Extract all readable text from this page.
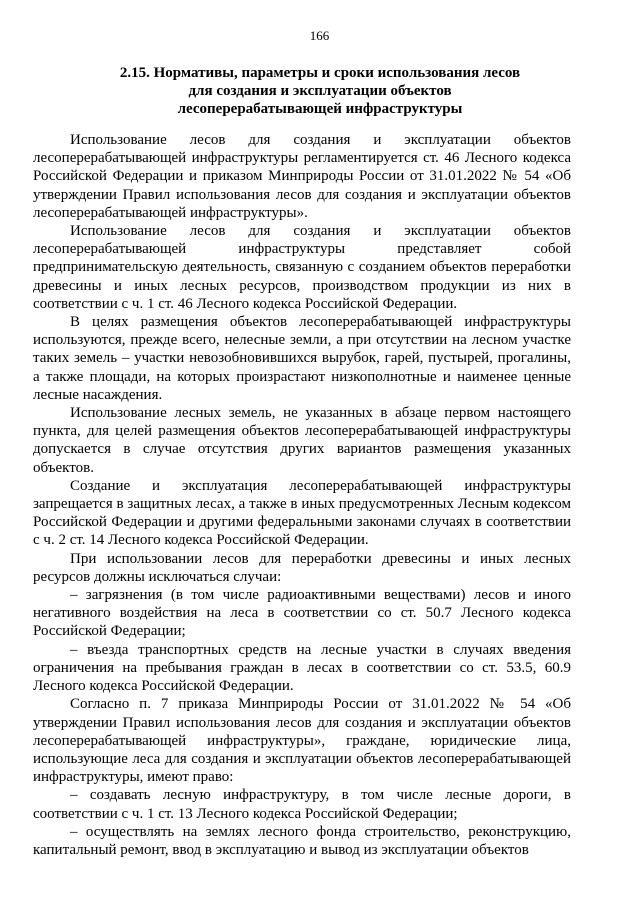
166
2.15. Нормативы, параметры и сроки использования лесов
для создания и эксплуатации объектов
лесоперерабатывающей инфраструктуры

Использование лесов для создания и эксплуатации объектов лесоперерабатывающей инфраструктуры регламентируется ст. 46 Лесного кодекса Российской Федерации и приказом Минприроды России от 31.01.2022 № 54 «Об утверждении Правил использования лесов для создания и эксплуатации объектов лесоперерабатывающей инфраструктуры».

Использование лесов для создания и эксплуатации объектов лесоперерабатывающей инфраструктуры представляет собой предпринимательскую деятельность, связанную с созданием объектов переработки древесины и иных лесных ресурсов, производством продукции из них в соответствии с ч. 1 ст. 46 Лесного кодекса Российской Федерации.

В целях размещения объектов лесоперерабатывающей инфраструктуры используются, прежде всего, нелесные земли, а при отсутствии на лесном участке таких земель – участки невозобновившихся вырубок, гарей, пустырей, прогалины, а также площади, на которых произрастают низкополнотные и наименее ценные лесные насаждения.

Использование лесных земель, не указанных в абзаце первом настоящего пункта, для целей размещения объектов лесоперерабатывающей инфраструктуры допускается в случае отсутствия других вариантов размещения указанных объектов.

Создание и эксплуатация лесоперерабатывающей инфраструктуры запрещается в защитных лесах, а также в иных предусмотренных Лесным кодексом Российской Федерации и другими федеральными законами случаях в соответствии с ч. 2 ст. 14 Лесного кодекса Российской Федерации.

При использовании лесов для переработки древесины и иных лесных ресурсов должны исключаться случаи:

– загрязнения (в том числе радиоактивными веществами) лесов и иного негативного воздействия на леса в соответствии со ст. 50.7 Лесного кодекса Российской Федерации;

– въезда транспортных средств на лесные участки в случаях введения ограничения на пребывания граждан в лесах в соответствии со ст. 53.5, 60.9 Лесного кодекса Российской Федерации.

Согласно п. 7 приказа Минприроды России от 31.01.2022 № 54 «Об утверждении Правил использования лесов для создания и эксплуатации объектов лесоперерабатывающей инфраструктуры», граждане, юридические лица, использующие леса для создания и эксплуатации объектов лесоперерабатывающей инфраструктуры, имеют право:

– создавать лесную инфраструктуру, в том числе лесные дороги, в соответствии с ч. 1 ст. 13 Лесного кодекса Российской Федерации;

– осуществлять на землях лесного фонда строительство, реконструкцию, капитальный ремонт, ввод в эксплуатацию и вывод из эксплуатации объектов
